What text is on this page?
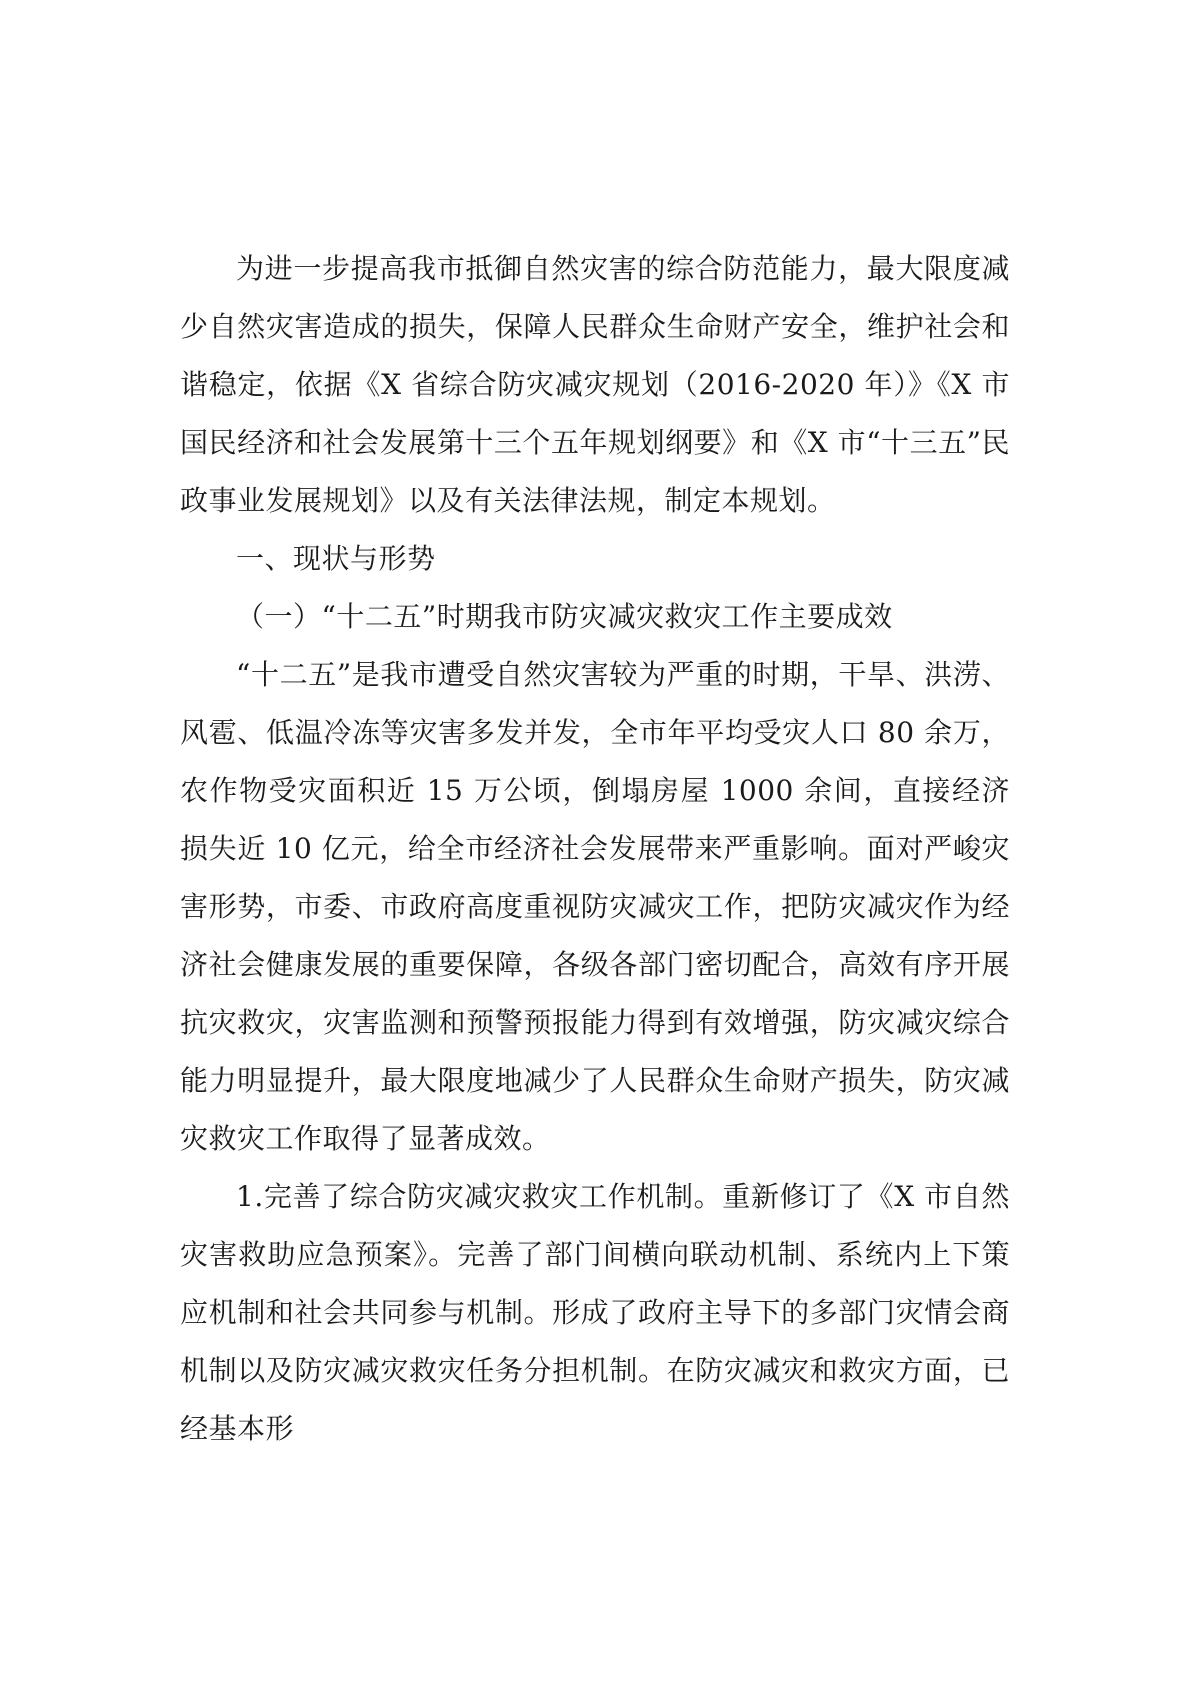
为进一步提高我市抵御自然灾害的综合防范能力，最大限度减少自然灾害造成的损失，保障人民群众生命财产安全，维护社会和谐稳定，依据《X 省综合防灾减灾规划（2016-2020 年）》《X 市国民经济和社会发展第十三个五年规划纲要》和《X 市“十三五”民政事业发展规划》以及有关法律法规，制定本规划。

一、现状与形势

（一）“十二五”时期我市防灾减灾救灾工作主要成效

“十二五”是我市遭受自然灾害较为严重的时期，干旱、洪涝、风雹、低温冷冻等灾害多发并发，全市年平均受灾人口 80 余万，农作物受灾面积近 15 万公顷，倒塌房屋 1000 余间，直接经济损失近 10 亿元，给全市经济社会发展带来严重影响。面对严峻灾害形势，市委、市政府高度重视防灾减灾工作，把防灾减灾作为经济社会健康发展的重要保障，各级各部门密切配合，高效有序开展抗灾救灾，灾害监测和预警预报能力得到有效增强，防灾减灾综合能力明显提升，最大限度地减少了人民群众生命财产损失，防灾减灾救灾工作取得了显著成效。

1.完善了综合防灾减灾救灾工作机制。重新修订了《X 市自然灾害救助应急预案》。完善了部门间横向联动机制、系统内上下策应机制和社会共同参与机制。形成了政府主导下的多部门灾情会商机制以及防灾减灾救灾任务分担机制。在防灾减灾和救灾方面，已经基本形
